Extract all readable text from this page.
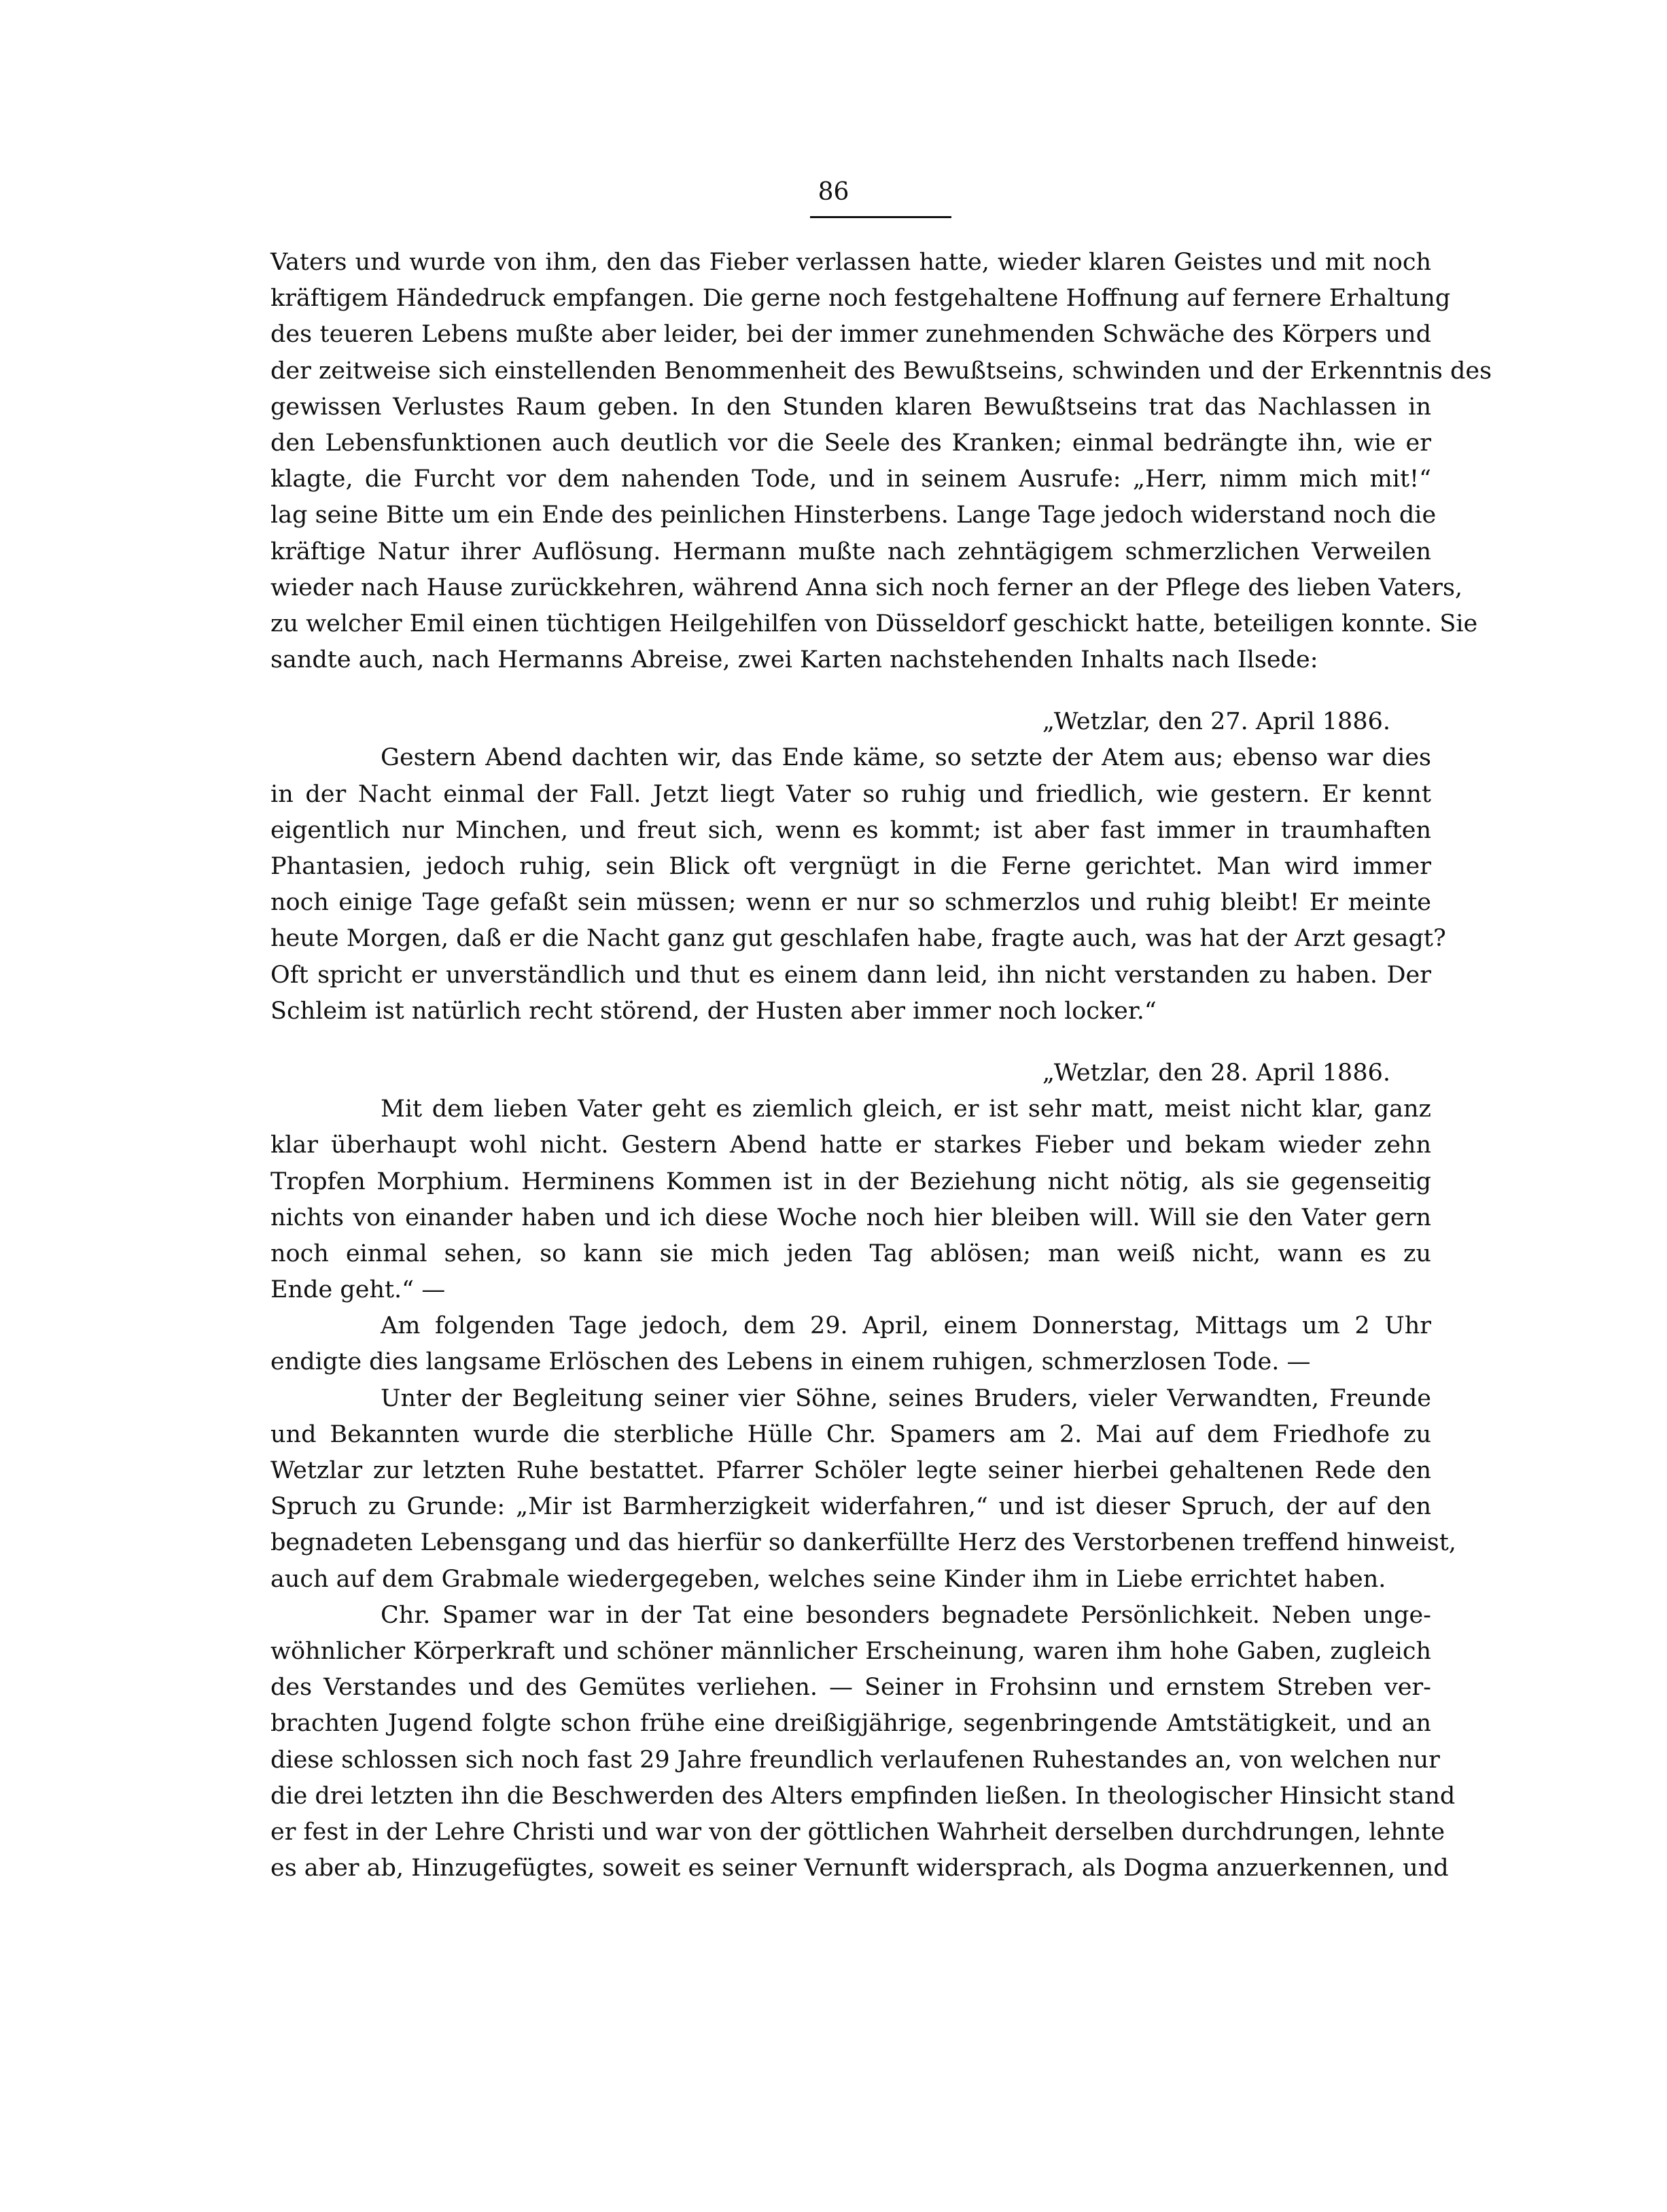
86
Vaters und wurde von ihm, den das Fieber verlassen hatte, wieder klaren Geistes und mit noch
kräftigem Händedruck empfangen. Die gerne noch festgehaltene Hoffnung auf fernere Erhaltung
des teueren Lebens mußte aber leider, bei der immer zunehmenden Schwäche des Körpers und
der zeitweise sich einstellenden Benommenheit des Bewußtseins, schwinden und der Erkenntnis des
gewissen Verlustes Raum geben. In den Stunden klaren Bewußtseins trat das Nachlassen in
den Lebensfunktionen auch deutlich vor die Seele des Kranken; einmal bedrängte ihn, wie er
klagte, die Furcht vor dem nahenden Tode, und in seinem Ausrufe: „Herr, nimm mich mit!“
lag seine Bitte um ein Ende des peinlichen Hinsterbens. Lange Tage jedoch widerstand noch die
kräftige Natur ihrer Auflösung. Hermann mußte nach zehntägigem schmerzlichen Verweilen
wieder nach Hause zurückkehren, während Anna sich noch ferner an der Pflege des lieben Vaters,
zu welcher Emil einen tüchtigen Heilgehilfen von Düsseldorf geschickt hatte, beteiligen konnte. Sie
sandte auch, nach Hermanns Abreise, zwei Karten nachstehenden Inhalts nach Ilsede:
„Wetzlar, den 27. April 1886.
Gestern Abend dachten wir, das Ende käme, so setzte der Atem aus; ebenso war dies
in der Nacht einmal der Fall. Jetzt liegt Vater so ruhig und friedlich, wie gestern. Er kennt
eigentlich nur Minchen, und freut sich, wenn es kommt; ist aber fast immer in traumhaften
Phantasien, jedoch ruhig, sein Blick oft vergnügt in die Ferne gerichtet. Man wird immer
noch einige Tage gefaßt sein müssen; wenn er nur so schmerzlos und ruhig bleibt! Er meinte
heute Morgen, daß er die Nacht ganz gut geschlafen habe, fragte auch, was hat der Arzt gesagt?
Oft spricht er unverständlich und thut es einem dann leid, ihn nicht verstanden zu haben. Der
Schleim ist natürlich recht störend, der Husten aber immer noch locker.“
„Wetzlar, den 28. April 1886.
Mit dem lieben Vater geht es ziemlich gleich, er ist sehr matt, meist nicht klar, ganz
klar überhaupt wohl nicht. Gestern Abend hatte er starkes Fieber und bekam wieder zehn
Tropfen Morphium. Herminens Kommen ist in der Beziehung nicht nötig, als sie gegenseitig
nichts von einander haben und ich diese Woche noch hier bleiben will. Will sie den Vater gern
noch einmal sehen, so kann sie mich jeden Tag ablösen; man weiß nicht, wann es zu
Ende geht.“ —
Am folgenden Tage jedoch, dem 29. April, einem Donnerstag, Mittags um 2 Uhr
endigte dies langsame Erlöschen des Lebens in einem ruhigen, schmerzlosen Tode. —
Unter der Begleitung seiner vier Söhne, seines Bruders, vieler Verwandten, Freunde
und Bekannten wurde die sterbliche Hülle Chr. Spamers am 2. Mai auf dem Friedhofe zu
Wetzlar zur letzten Ruhe bestattet. Pfarrer Schöler legte seiner hierbei gehaltenen Rede den
Spruch zu Grunde: „Mir ist Barmherzigkeit widerfahren,“ und ist dieser Spruch, der auf den
begnadeten Lebensgang und das hierfür so dankerfüllte Herz des Verstorbenen treffend hinweist,
auch auf dem Grabmale wiedergegeben, welches seine Kinder ihm in Liebe errichtet haben.
Chr. Spamer war in der Tat eine besonders begnadete Persönlichkeit. Neben unge-
wöhnlicher Körperkraft und schöner männlicher Erscheinung, waren ihm hohe Gaben, zugleich
des Verstandes und des Gemütes verliehen. — Seiner in Frohsinn und ernstem Streben ver-
brachten Jugend folgte schon frühe eine dreißigjährige, segenbringende Amtstätigkeit, und an
diese schlossen sich noch fast 29 Jahre freundlich verlaufenen Ruhestandes an, von welchen nur
die drei letzten ihn die Beschwerden des Alters empfinden ließen. In theologischer Hinsicht stand
er fest in der Lehre Christi und war von der göttlichen Wahrheit derselben durchdrungen, lehnte
es aber ab, Hinzugefügtes, soweit es seiner Vernunft widersprach, als Dogma anzuerkennen, und
